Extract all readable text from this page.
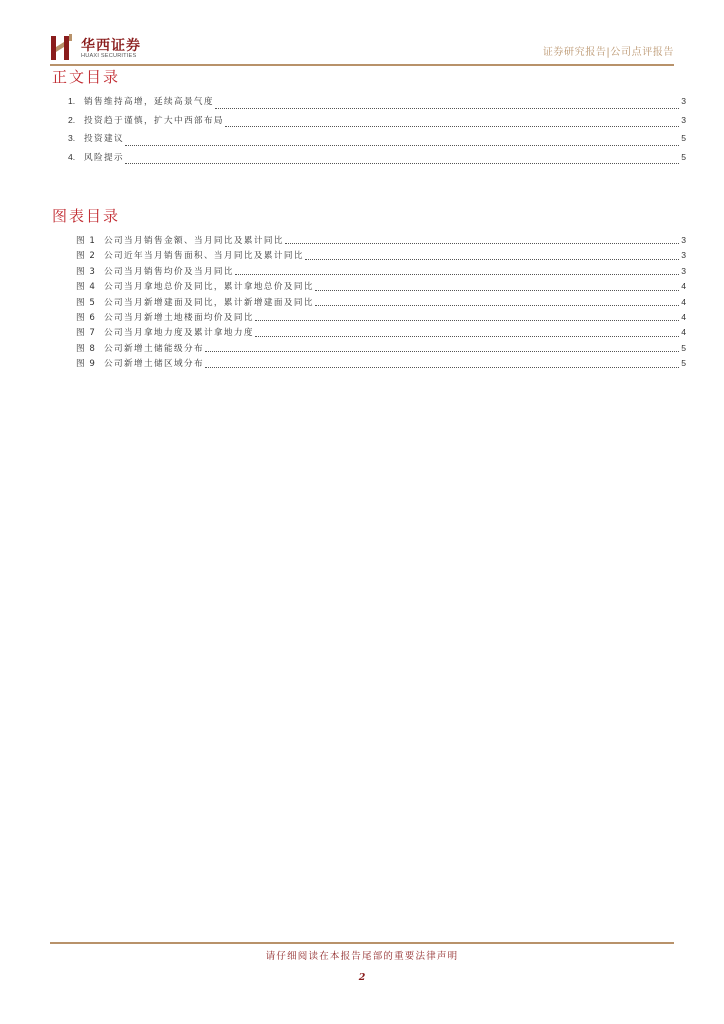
华西证券
HUAXI SECURITIES	证券研究报告|公司点评报告
正文目录
1.	销售维持高增，延续高景气度	3
2.	投资趋于谨慎，扩大中西部布局	3
3.	投资建议	5
4.	风险提示	5
图表目录
图 1 公司当月销售金额、当月同比及累计同比	3
图 2 公司近年当月销售面积、当月同比及累计同比	3
图 3 公司当月销售均价及当月同比	3
图 4 公司当月拿地总价及同比，累计拿地总价及同比	4
图 5 公司当月新增建面及同比，累计新增建面及同比	4
图 6 公司当月新增土地楼面均价及同比	4
图 7 公司当月拿地力度及累计拿地力度	4
图 8 公司新增土储能级分布	5
图 9 公司新增土储区域分布	5
请仔细阅读在本报告尾部的重要法律声明
2
